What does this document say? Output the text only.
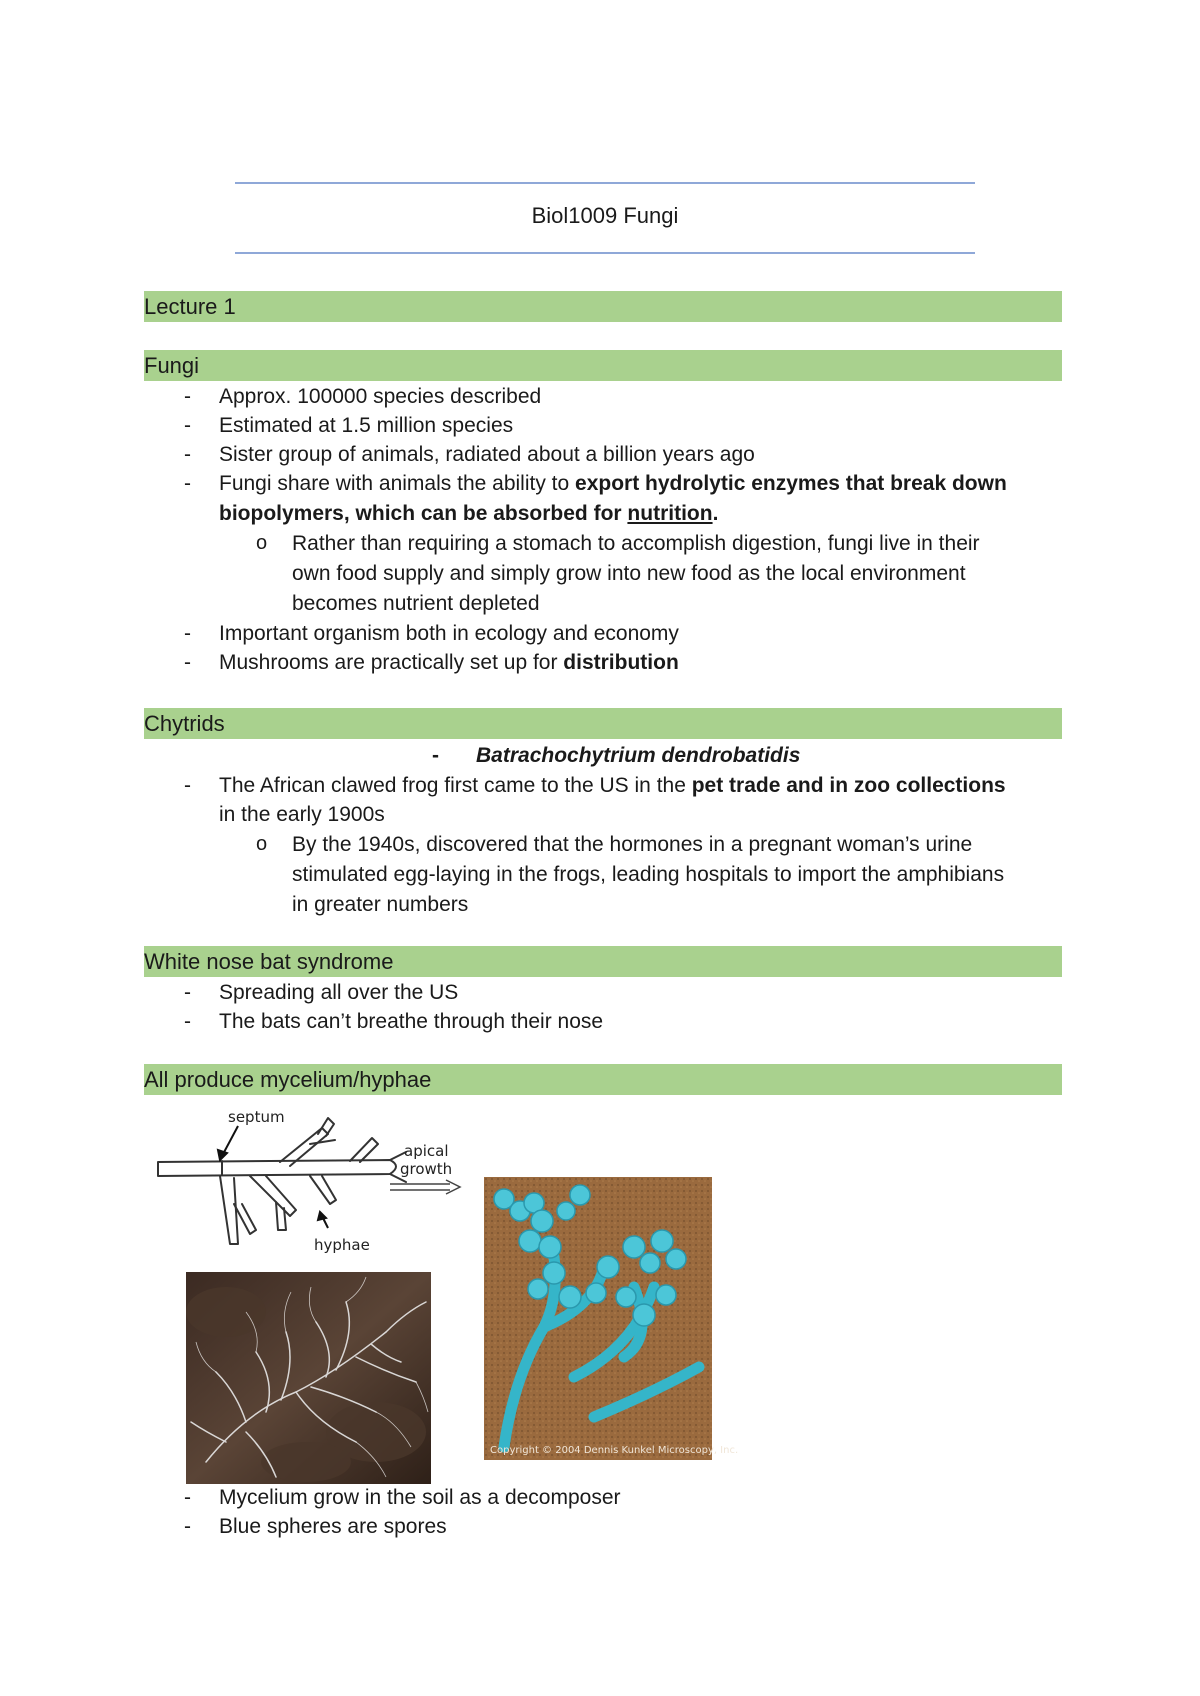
Biol1009 Fungi
Lecture 1
Fungi
- Approx. 100000 species described
- Estimated at 1.5 million species
- Sister group of animals, radiated about a billion years ago
- Fungi share with animals the ability to export hydrolytic enzymes that break down
biopolymers, which can be absorbed for nutrition.
o Rather than requiring a stomach to accomplish digestion, fungi live in their
own food supply and simply grow into new food as the local environment
becomes nutrient depleted
- Important organism both in ecology and economy
- Mushrooms are practically set up for distribution
Chytrids
- Batrachochytrium dendrobatidis
- The African clawed frog first came to the US in the pet trade and in zoo collections
in the early 1900s
o By the 1940s, discovered that the hormones in a pregnant woman’s urine
stimulated egg-laying in the frogs, leading hospitals to import the amphibians
in greater numbers
White nose bat syndrome
- Spreading all over the US
- The bats can’t breathe through their nose
All produce mycelium/hyphae
septum
apical
growth
hyphae
Copyright © 2004 Dennis Kunkel Microscopy, Inc.
- Mycelium grow in the soil as a decomposer
- Blue spheres are spores
